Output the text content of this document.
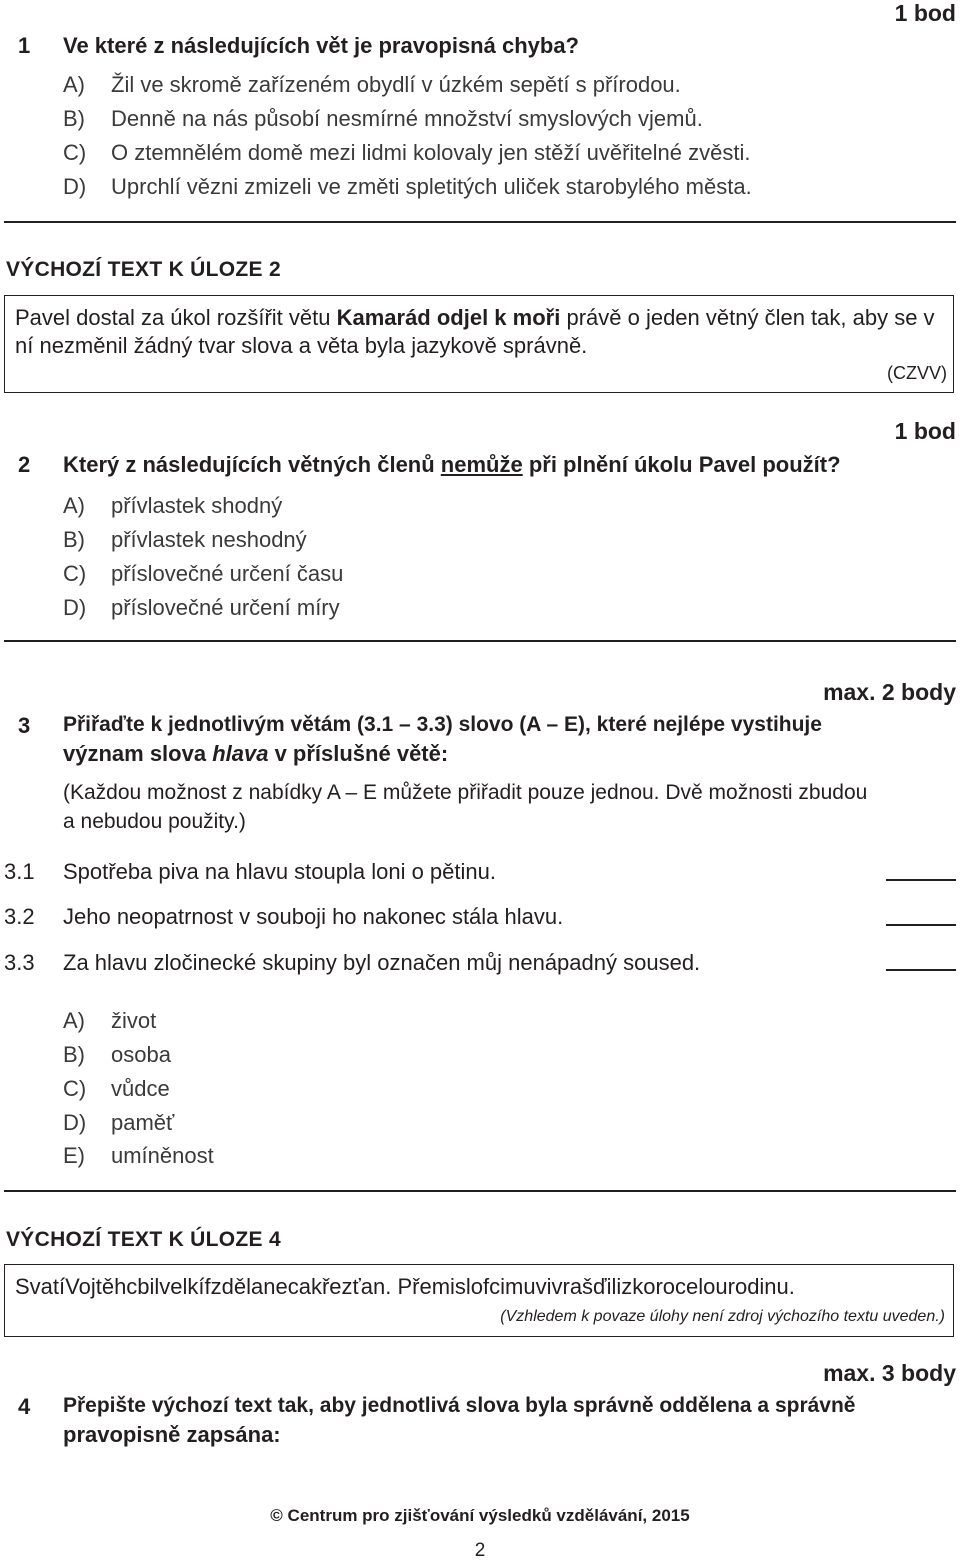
1 bod
1 Ve které z následujících vět je pravopisná chyba?
A) Žil ve skromě zařízeném obydlí v úzkém sepětí s přírodou.
B) Denně na nás působí nesmírné množství smyslových vjemů.
C) O ztemnělém domě mezi lidmi kolovaly jen stěží uvěřitelné zvěsti.
D) Uprchlí vězni zmizeli ve změti spletitých uliček starobylého města.
VÝCHOZÍ TEXT K ÚLOZE 2
Pavel dostal za úkol rozšířit větu Kamarád odjel k moři právě o jeden větný člen tak, aby se v ní nezměnil žádný tvar slova a věta byla jazykově správně.
(CZVV)
1 bod
2 Který z následujících větných členů nemůže při plnění úkolu Pavel použít?
A) přívlastek shodný
B) přívlastek neshodný
C) příslovečné určení času
D) příslovečné určení míry
max. 2 body
3 Přiřaďte k jednotlivým větám (3.1 – 3.3) slovo (A – E), které nejlépe vystihuje
význam slova hlava v příslušné větě:
(Každou možnost z nabídky A – E můžete přiřadit pouze jednou. Dvě možnosti zbudou
a nebudou použity.)
3.1 Spotřeba piva na hlavu stoupla loni o pětinu.
3.2 Jeho neopatrnost v souboji ho nakonec stála hlavu.
3.3 Za hlavu zločinecké skupiny byl označen můj nenápadný soused.
A) život
B) osoba
C) vůdce
D) paměť
E) umíněnost
VÝCHOZÍ TEXT K ÚLOZE 4
SvatíVojtěhcbilvelkífzdělanecakřezťan. Přemislofcimuvivrašďilizkorocelourodinu.
(Vzhledem k povaze úlohy není zdroj výchozího textu uveden.)
max. 3 body
4 Přepište výchozí text tak, aby jednotlivá slova byla správně oddělena a správně
pravopisně zapsána:
© Centrum pro zjišťování výsledků vzdělávání, 2015
2
